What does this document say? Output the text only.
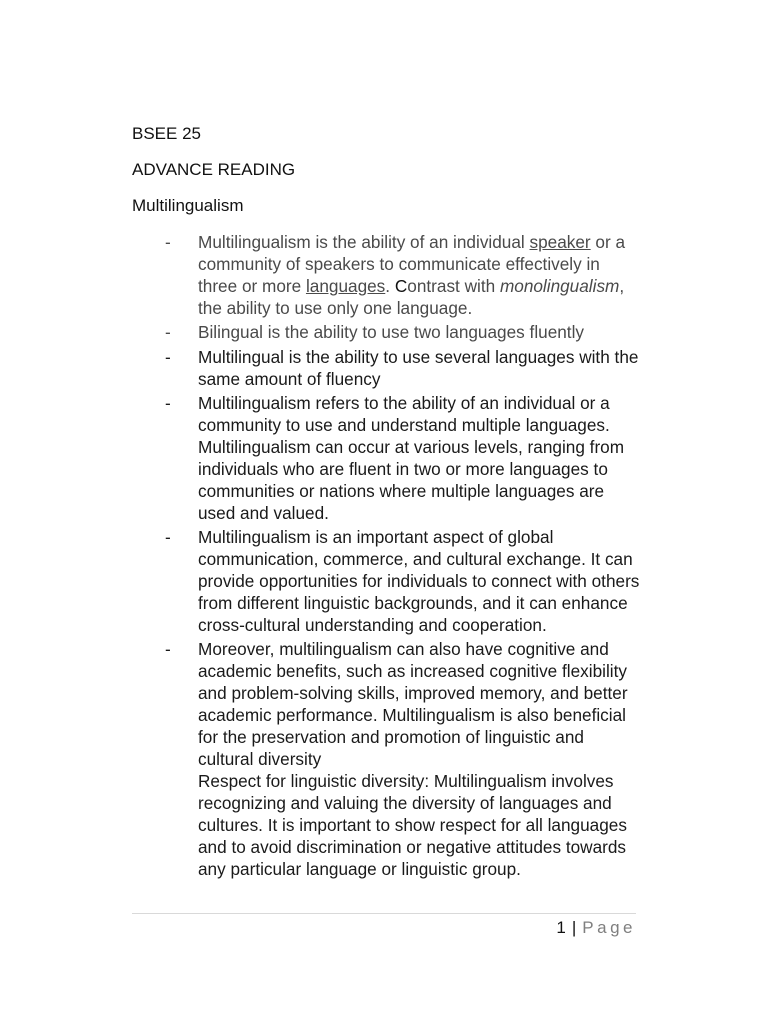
BSEE 25

ADVANCE READING

Multilingualism

- Multilingualism is the ability of an individual speaker or a community of speakers to communicate effectively in three or more languages. Contrast with monolingualism, the ability to use only one language.
- Bilingual is the ability to use two languages fluently
- Multilingual is the ability to use several languages with the same amount of fluency
- Multilingualism refers to the ability of an individual or a community to use and understand multiple languages. Multilingualism can occur at various levels, ranging from individuals who are fluent in two or more languages to communities or nations where multiple languages are used and valued.
- Multilingualism is an important aspect of global communication, commerce, and cultural exchange. It can provide opportunities for individuals to connect with others from different linguistic backgrounds, and it can enhance cross-cultural understanding and cooperation.
- Moreover, multilingualism can also have cognitive and academic benefits, such as increased cognitive flexibility and problem-solving skills, improved memory, and better academic performance. Multilingualism is also beneficial for the preservation and promotion of linguistic and cultural diversity
Respect for linguistic diversity: Multilingualism involves recognizing and valuing the diversity of languages and cultures. It is important to show respect for all languages and to avoid discrimination or negative attitudes towards any particular language or linguistic group.
1 | Page
